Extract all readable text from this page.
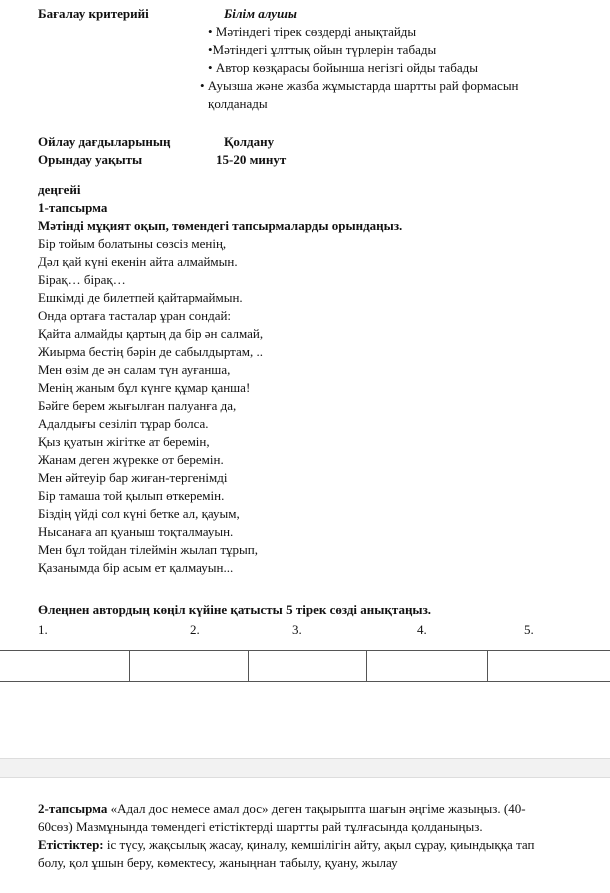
Бағалау критерийі	Білім алушы
• Мәтіндегі тірек сөздерді анықтайды
•Мәтіндегі ұлттық ойын түрлерін табады
• Автор көзқарасы бойынша негізгі ойды табады
• Ауызша және жазба жұмыстарда шартты рай формасын
қолданады
Ойлау дағдыларының	Қолдану
Орындау уақыты	15-20 минут
деңгейі
1-тапсырма
Мәтінді мұқият оқып, төмендегі тапсырмаларды орындаңыз.
Бір тойым болатыны сөзсіз менің,
Дәл қай күні екенін айта алмаймын.
Бірақ… бірақ…
Ешкімді де билетпей қайтармаймын.
Онда ортаға тасталар ұран сондай:
Қайта алмайды қартың да бір ән салмай,
Жиырма бестің бәрін де сабылдыртам, ..
Мен өзім де ән салам түн ауғанша,
Менің жаным бұл күнге құмар қанша!
Бәйге берем жығылған палуанға да,
Адалдығы сезіліп тұрар болса.
Қыз қуатын жігітке ат беремін,
Жанам деген жүрекке от беремін.
Мен әйтеуір бар жиған-тергенімді
Бір тамаша той қылып өткеремін.
Біздің үйді сол күні бетке ал, қауым,
Нысанаға ап қуаныш тоқталмауын.
Мен бұл тойдан тілеймін жылап тұрып,
Қазанымда бір асым ет қалмауын...
Өлеңнен автордың көңіл күйіне қатысты 5 тірек сөзді анықтаңыз.
1.	2.	3.	4.	5.
2-тапсырма «Адал дос немесе амал дос» деген тақырыпта шағын әңгіме жазыңыз. (40-
60сөз) Мазмұнында төмендегі етістіктерді шартты рай тұлғасында қолданыңыз.
Етістіктер: іс түсу, жақсылық жасау, қиналу, кемшілігін айту, ақыл сұрау, қиындыққа тап
болу, қол ұшын беру, көмектесу, жаныңнан табылу, қуану, жылау
